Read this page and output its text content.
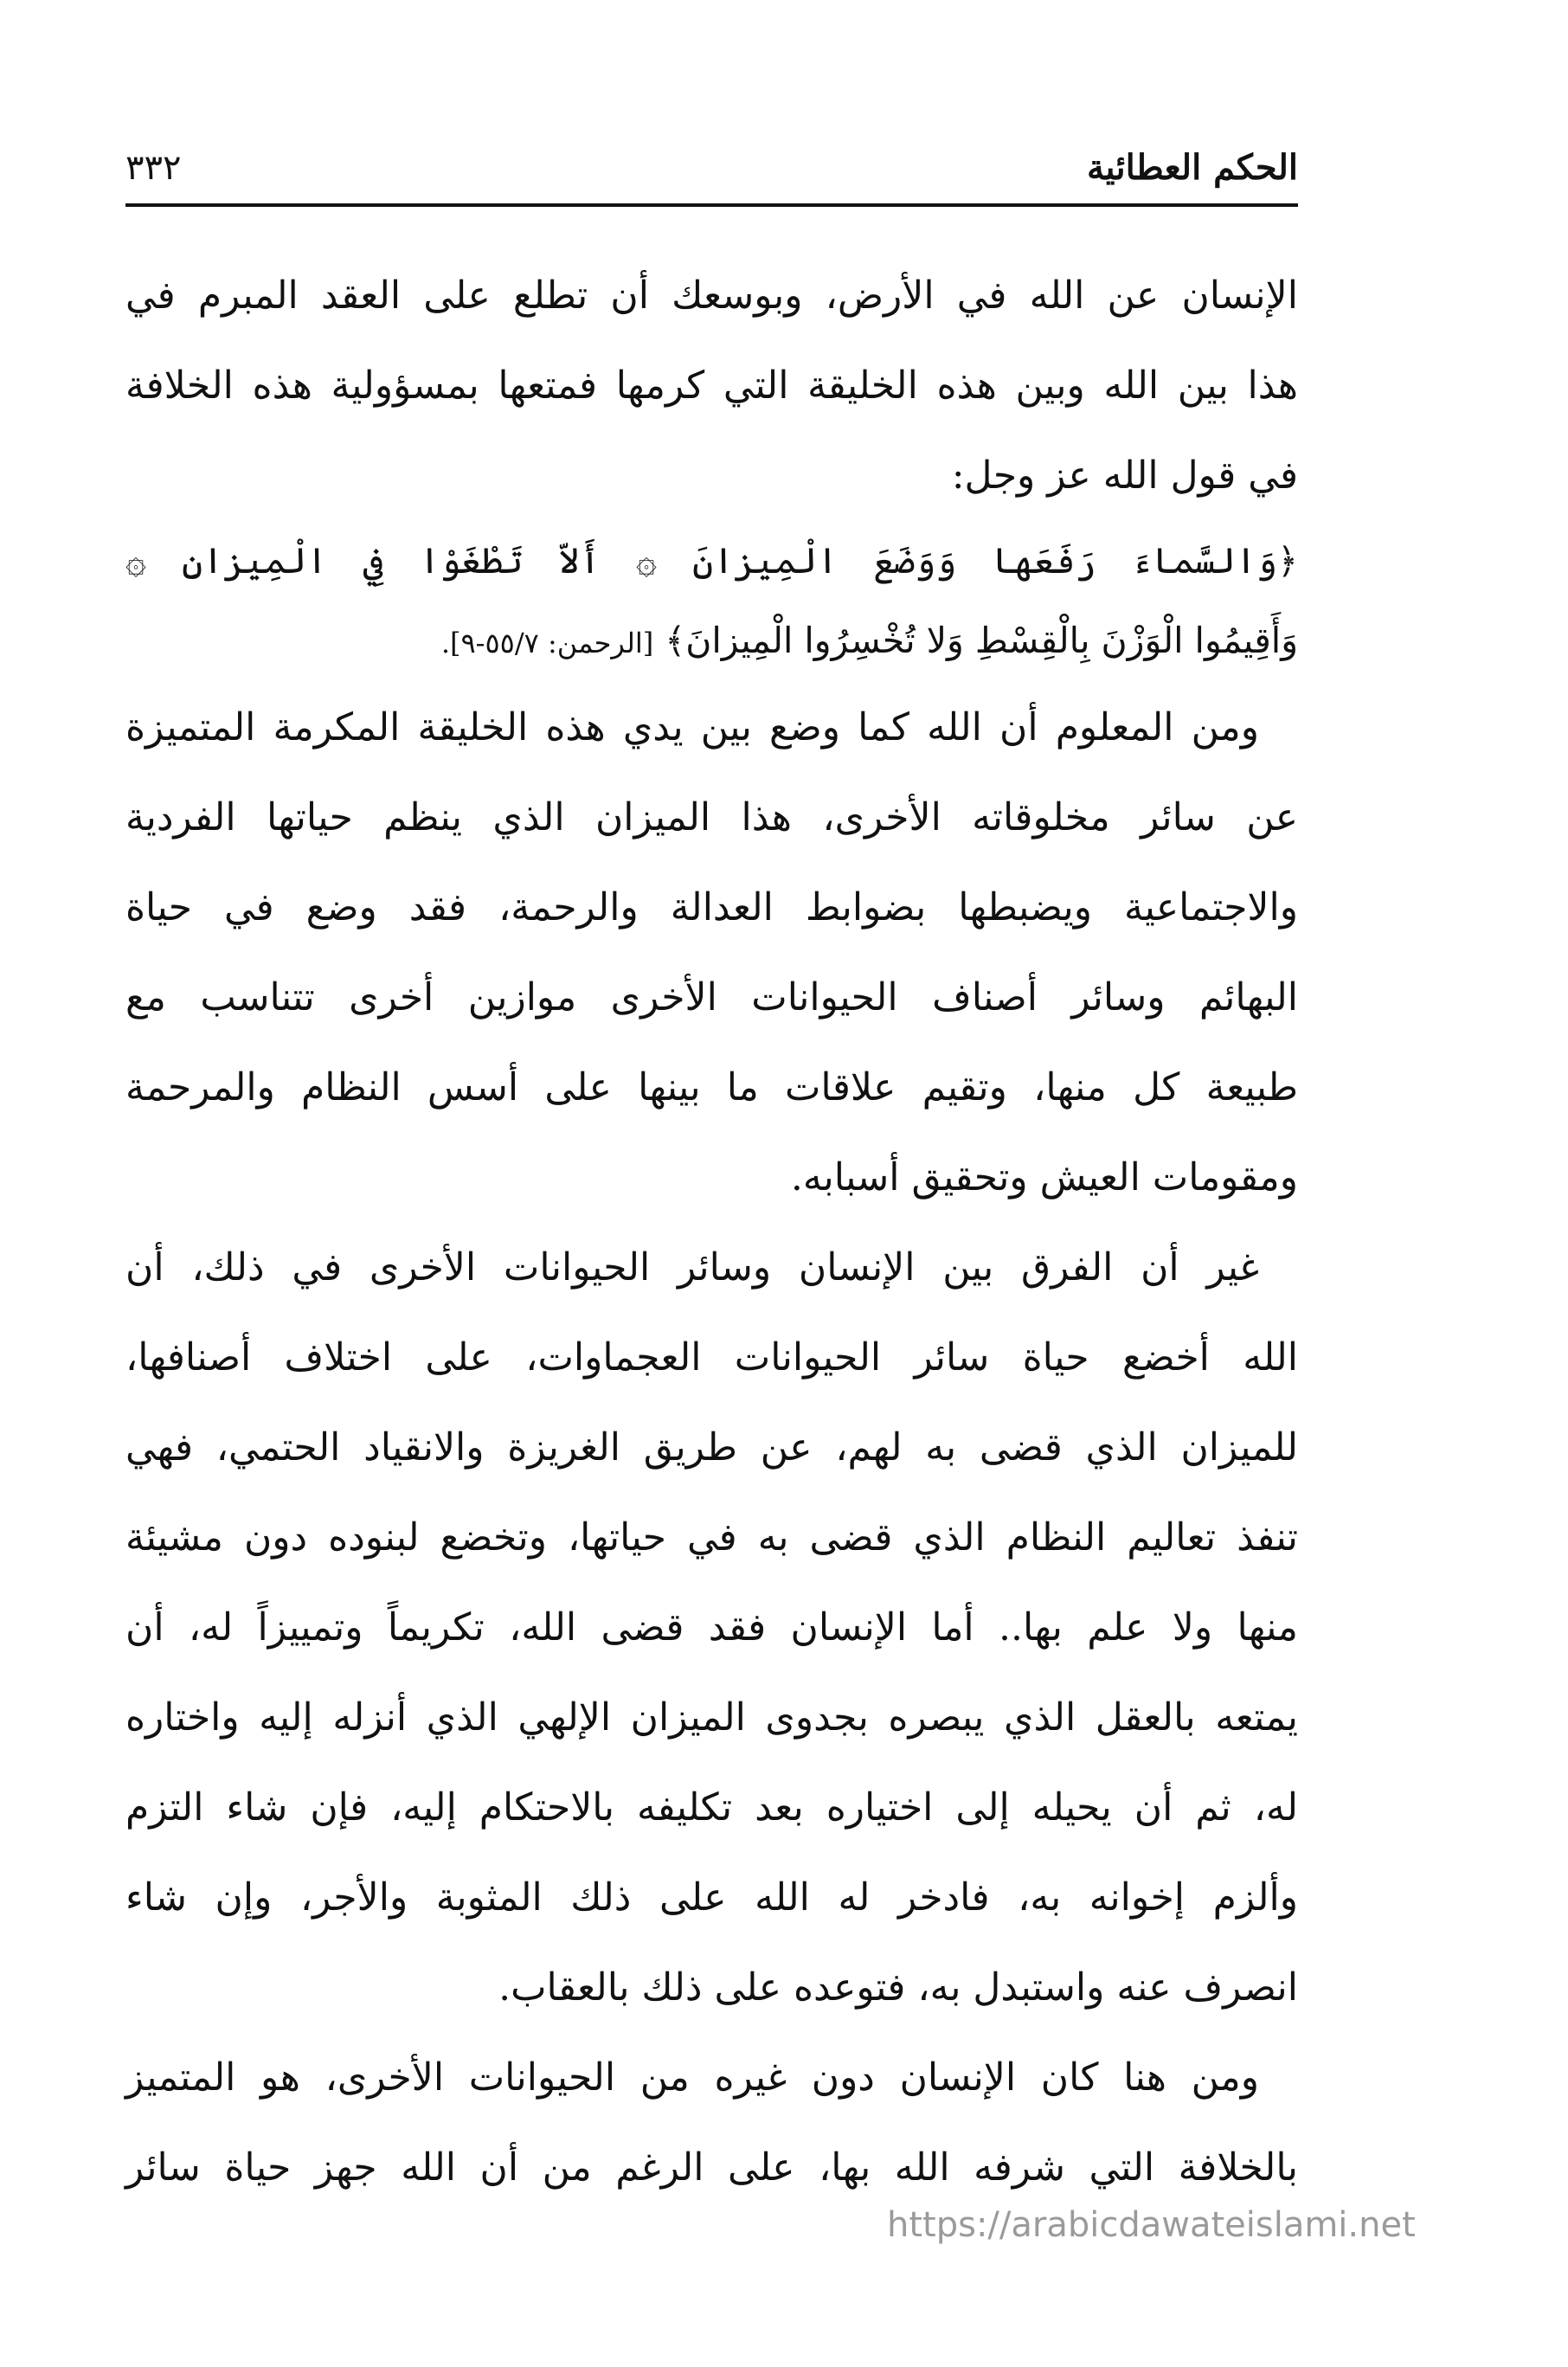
الحكم العطائية
٣٣٢
الإنسان عن الله في الأرض، وبوسعك أن تطلع على العقد المبرم في
هذا بين الله وبين هذه الخليقة التي كرمها فمتعها بمسؤولية هذه الخلافة
في قول الله عز وجل:
﴿وَالسَّماءَ رَفَعَها وَوَضَعَ الْمِيزانَ ۞ أَلاّ تَطْغَوْا فِي الْمِيزانِ ۞
وَأَقِيمُوا الْوَزْنَ بِالْقِسْطِ وَلا تُخْسِرُوا الْمِيزانَ﴾ [الرحمن: ٥٥/٧-٩].
ومن المعلوم أن الله كما وضع بين يدي هذه الخليقة المكرمة المتميزة
عن سائر مخلوقاته الأخرى، هذا الميزان الذي ينظم حياتها الفردية
والاجتماعية ويضبطها بضوابط العدالة والرحمة، فقد وضع في حياة
البهائم وسائر أصناف الحيوانات الأخرى موازين أخرى تتناسب مع
طبيعة كل منها، وتقيم علاقات ما بينها على أسس النظام والمرحمة
ومقومات العيش وتحقيق أسبابه.
غير أن الفرق بين الإنسان وسائر الحيوانات الأخرى في ذلك، أن
الله أخضع حياة سائر الحيوانات العجماوات، على اختلاف أصنافها،
للميزان الذي قضى به لهم، عن طريق الغريزة والانقياد الحتمي، فهي
تنفذ تعاليم النظام الذي قضى به في حياتها، وتخضع لبنوده دون مشيئة
منها ولا علم بها.. أما الإنسان فقد قضى الله، تكريماً وتمييزاً له، أن
يمتعه بالعقل الذي يبصره بجدوى الميزان الإلهي الذي أنزله إليه واختاره
له، ثم أن يحيله إلى اختياره بعد تكليفه بالاحتكام إليه، فإن شاء التزم
وألزم إخوانه به، فادخر له الله على ذلك المثوبة والأجر، وإن شاء
انصرف عنه واستبدل به، فتوعده على ذلك بالعقاب.
ومن هنا كان الإنسان دون غيره من الحيوانات الأخرى، هو المتميز
بالخلافة التي شرفه الله بها، على الرغم من أن الله جهز حياة سائر
https://arabicdawateislami.net
